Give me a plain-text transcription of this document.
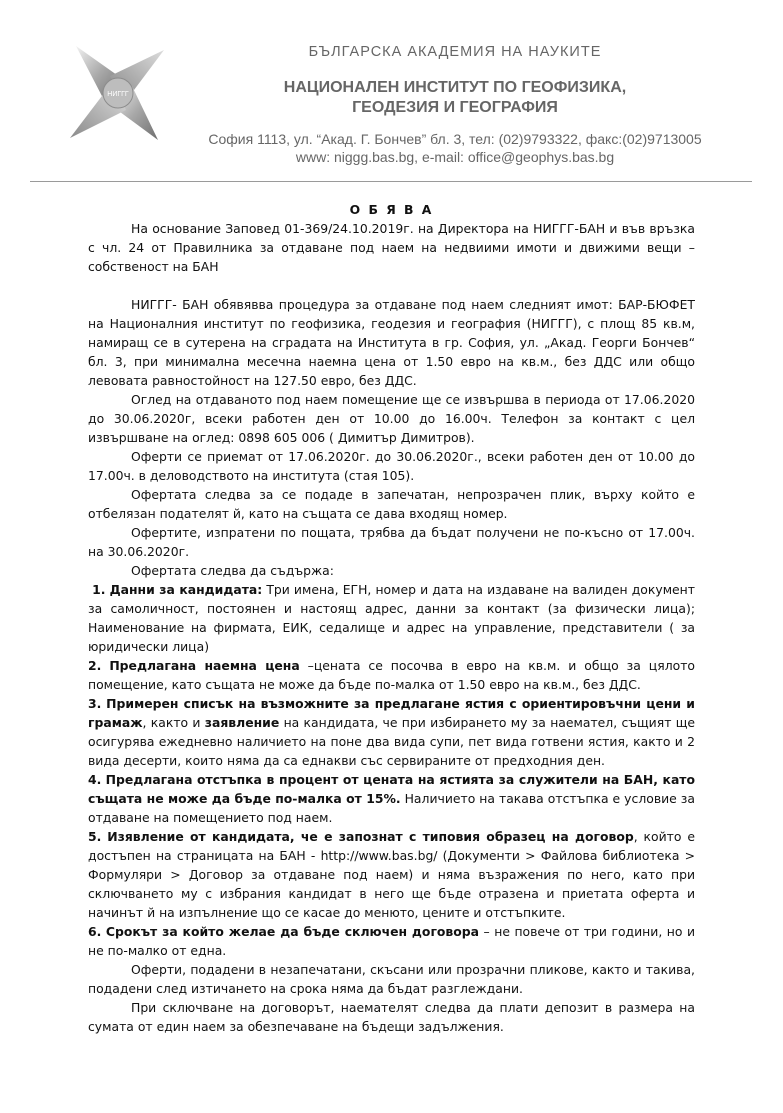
НИГГГ
БЪЛГАРСКА АКАДЕМИЯ НА НАУКИТЕ
НАЦИОНАЛЕН ИНСТИТУТ ПО ГЕОФИЗИКА,
ГЕОДЕЗИЯ И ГЕОГРАФИЯ
София 1113, ул. “Акад. Г. Бончев” бл. 3, тел: (02)9793322, факс:(02)9713005
www: niggg.bas.bg, e-mail: office@geophys.bas.bg

О Б Я В А

На основание Заповед 01-369/24.10.2019г. на Директора на НИГГГ-БАН и във връзка с чл. 24 от Правилника за отдаване под наем на недвиими имоти и движими вещи – собственост на БАН

НИГГГ- БАН обявявва процедура за отдаване под наем следният имот: БАР-БЮФЕТ на Националния институт по геофизика, геодезия и география (НИГГГ), с площ 85 кв.м, намиращ се в сутерена на сградата на Института в гр. София, ул. „Акад. Георги Бончев“ бл. 3, при минимална месечна наемна цена от 1.50 евро на кв.м., без ДДС или общо левовата равностойност на 127.50 евро, без ДДС.

Оглед на отдаваното под наем помещение ще се извършва в периода от 17.06.2020 до 30.06.2020г, всеки работен ден от 10.00 до 16.00ч. Телефон за контакт с цел извършване на оглед: 0898 605 006 ( Димитър Димитров).

Оферти се приемат от 17.06.2020г. до 30.06.2020г., всеки работен ден от 10.00 до 17.00ч. в деловодството на института (стая 105).

Офертата следва за се подаде в запечатан, непрозрачен плик, върху който е отбелязан подателят й, като на същата се дава входящ номер.

Офертите, изпратени по пощата, трябва да бъдат получени не по-късно от 17.00ч. на 30.06.2020г.

Офертата следва да съдържа:

1. Данни за кандидата: Три имена, ЕГН, номер и дата на издаване на валиден документ за самоличност, постоянен и настоящ адрес, данни за контакт (за физически лица); Наименование на фирмата, ЕИК, седалище и адрес на управление, представители ( за юридически лица)

2. Предлагана наемна цена –цената се посочва в евро на кв.м. и общо за цялото помещение, като същата не може да бъде по-малка от 1.50 евро на кв.м., без ДДС.

3. Примерен списък на възможните за предлагане ястия с ориентировъчни цени и грамаж, както и заявление на кандидата, че при избирането му за наемател, същият ще осигурява ежедневно наличието на поне два вида супи, пет вида готвени ястия, както и 2 вида десерти, които няма да са еднакви със сервираните от предходния ден.

4. Предлагана отстъпка в процент от цената на ястията за служители на БАН, като същата не може да бъде по-малка от 15%. Наличието на такава отстъпка е условие за отдаване на помещението под наем.

5. Изявление от кандидата, че е запознат с типовия образец на договор, който е достъпен на страницата на БАН - http://www.bas.bg/ (Документи > Файлова библиотека > Формуляри > Договор за отдаване под наем) и няма възражения по него, като при сключването му с избрания кандидат в него ще бъде отразена и приетата оферта и начинът й на изпълнение що се касае до менюто, цените и отстъпките.

6. Срокът за който желае да бъде сключен договора – не повече от три години, но и не по-малко от една.

Оферти, подадени в незапечатани, скъсани или прозрачни пликове, както и такива, подадени след изтичането на срока няма да бъдат разглеждани.

При сключване на договорът, наемателят следва да плати депозит в размера на сумата от един наем за обезпечаване на бъдещи задължения.
